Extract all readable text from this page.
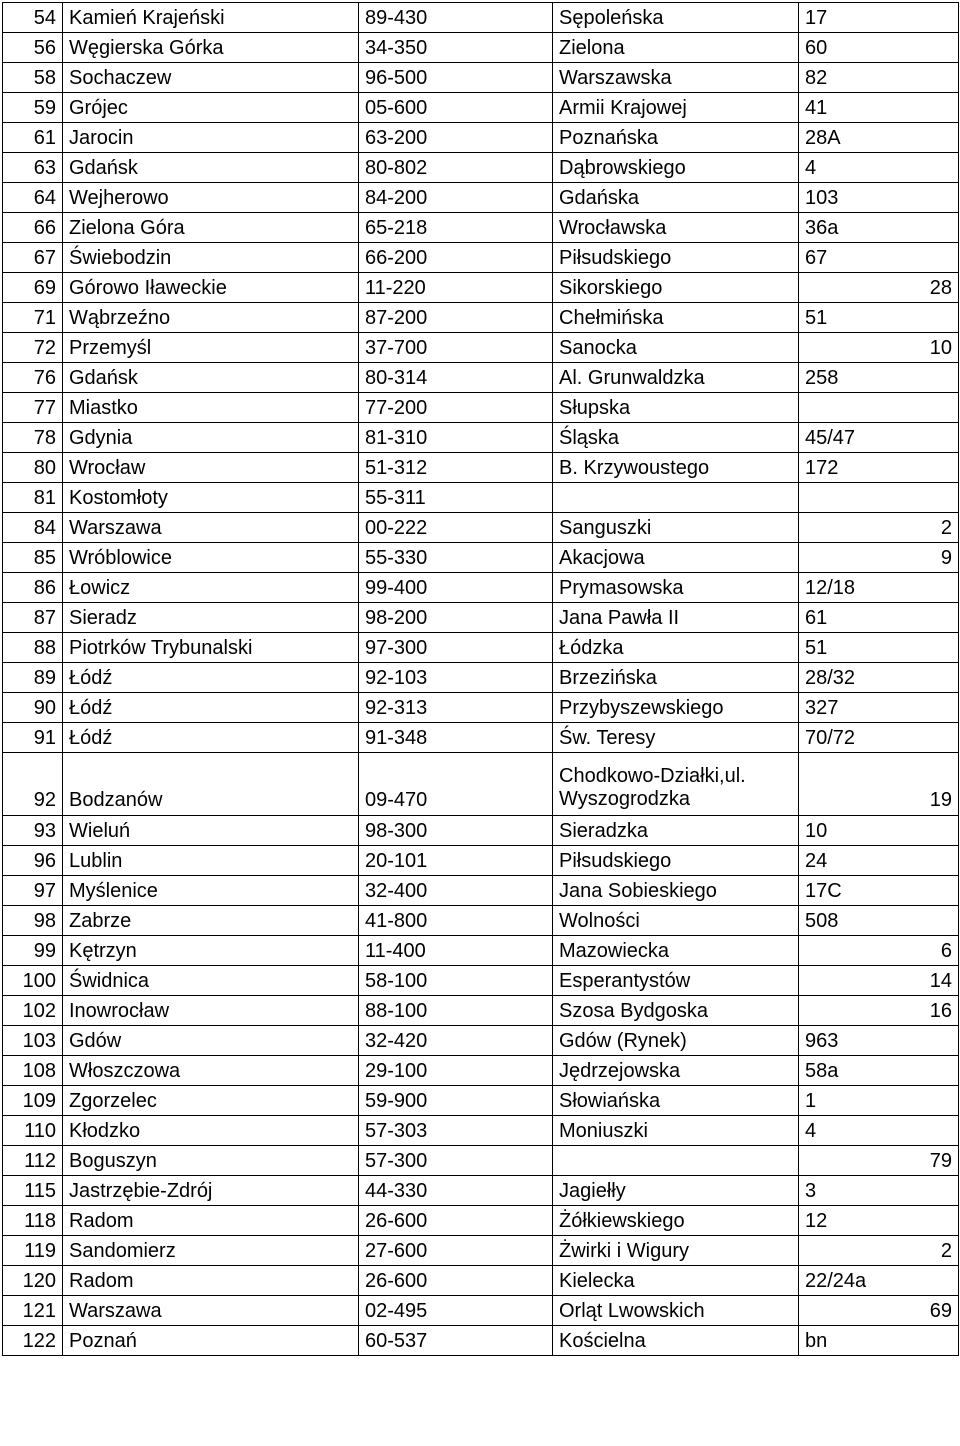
54	Kamień Krajeński	89-430	Sępoleńska	17
56	Węgierska Górka	34-350	Zielona	60
58	Sochaczew	96-500	Warszawska	82
59	Grójec	05-600	Armii Krajowej	41
61	Jarocin	63-200	Poznańska	28A
63	Gdańsk	80-802	Dąbrowskiego	4
64	Wejherowo	84-200	Gdańska	103
66	Zielona Góra	65-218	Wrocławska	36a
67	Świebodzin	66-200	Piłsudskiego	67
69	Górowo Iławeckie	11-220	Sikorskiego	28
71	Wąbrzeźno	87-200	Chełmińska	51
72	Przemyśl	37-700	Sanocka	10
76	Gdańsk	80-314	Al. Grunwaldzka	258
77	Miastko	77-200	Słupska	
78	Gdynia	81-310	Śląska	45/47
80	Wrocław	51-312	B. Krzywoustego	172
81	Kostomłoty	55-311		
84	Warszawa	00-222	Sanguszki	2
85	Wróblowice	55-330	Akacjowa	9
86	Łowicz	99-400	Prymasowska	12/18
87	Sieradz	98-200	Jana Pawła II	61
88	Piotrków Trybunalski	97-300	Łódzka	51
89	Łódź	92-103	Brzezińska	28/32
90	Łódź	92-313	Przybyszewskiego	327
91	Łódź	91-348	Św. Teresy	70/72
92	Bodzanów	09-470	Chodkowo-Działki,ul. Wyszogrodzka	19
93	Wieluń	98-300	Sieradzka	10
96	Lublin	20-101	Piłsudskiego	24
97	Myślenice	32-400	Jana Sobieskiego	17C
98	Zabrze	41-800	Wolności	508
99	Kętrzyn	11-400	Mazowiecka	6
100	Świdnica	58-100	Esperantystów	14
102	Inowrocław	88-100	Szosa Bydgoska	16
103	Gdów	32-420	Gdów (Rynek)	963
108	Włoszczowa	29-100	Jędrzejowska	58a
109	Zgorzelec	59-900	Słowiańska	1
110	Kłodzko	57-303	Moniuszki	4
112	Boguszyn	57-300		79
115	Jastrzębie-Zdrój	44-330	Jagiełły	3
118	Radom	26-600	Żółkiewskiego	12
119	Sandomierz	27-600	Żwirki i Wigury	2
120	Radom	26-600	Kielecka	22/24a
121	Warszawa	02-495	Orląt Lwowskich	69
122	Poznań	60-537	Kościelna	bn
